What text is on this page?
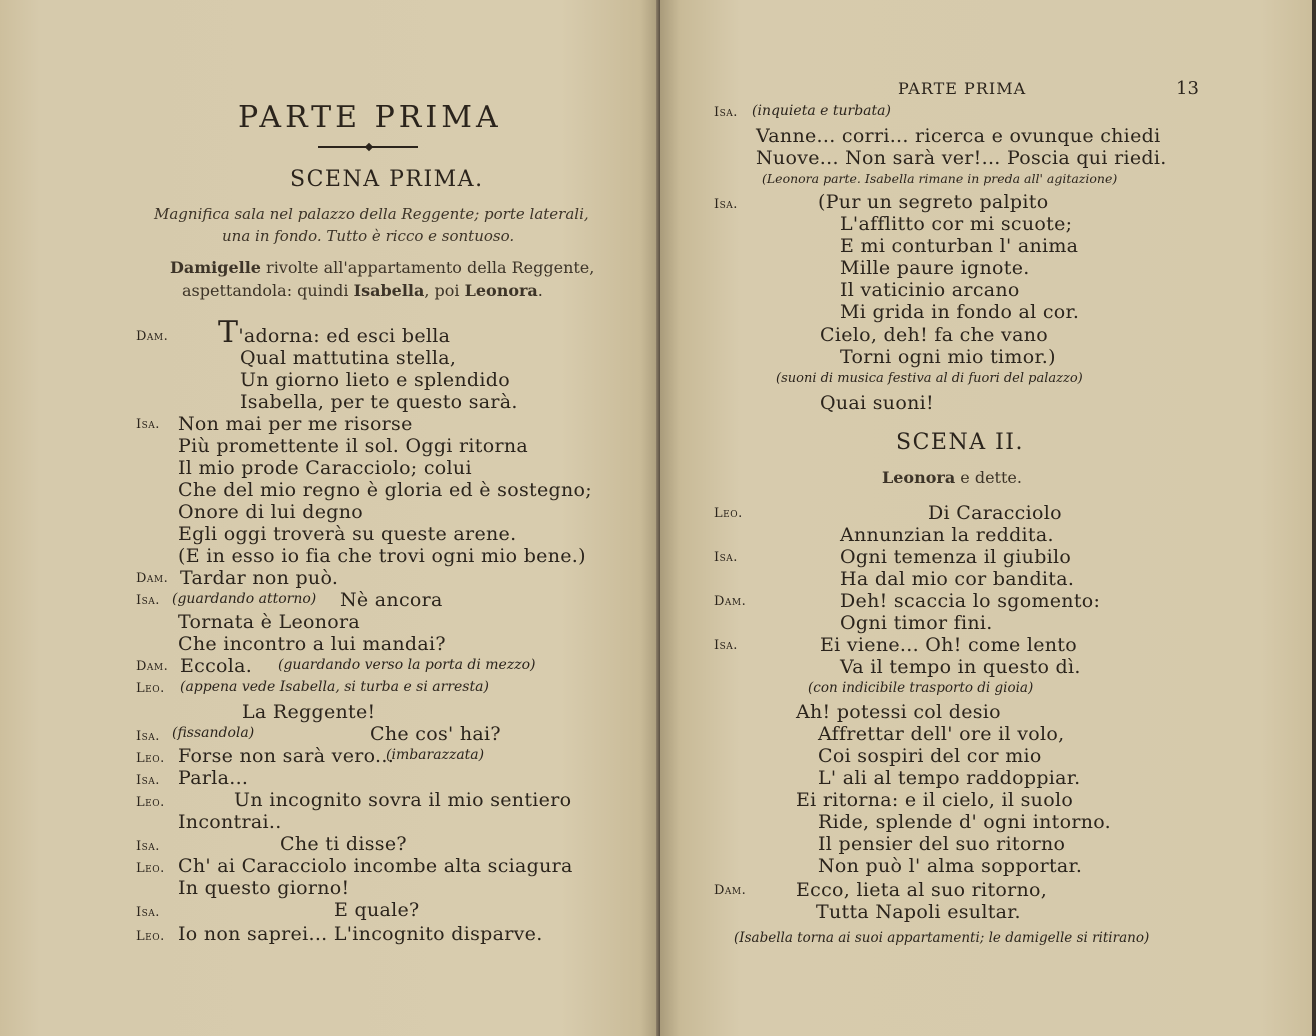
PARTE PRIMA
SCENA PRIMA.
Magnifica sala nel palazzo della Reggente; porte laterali,
una in fondo. Tutto è ricco e sontuoso.
Damigelle rivolte all'appartamento della Reggente,
aspettandola: quindi Isabella, poi Leonora.
Dam. T'adorna: ed esci bella
Qual mattutina stella,
Un giorno lieto e splendido
Isabella, per te questo sarà.
Isa. Non mai per me risorse
Più promettente il sol. Oggi ritorna
Il mio prode Caracciolo; colui
Che del mio regno è gloria ed è sostegno;
Onore di lui degno
Egli oggi troverà su queste arene.
(E in esso io fia che trovi ogni mio bene.)
Dam. Tardar non può.
Isa. (guardando attorno) Nè ancora
Tornata è Leonora
Che incontro a lui mandai?
Dam. Eccola. (guardando verso la porta di mezzo)
Leo. (appena vede Isabella, si turba e si arresta)
La Reggente!
Isa. (fissandola)	Che cos' hai?
Leo. Forse non sarà vero...
(imbarazzata)
Isa. Parla...
Leo.	Un incognito sovra il mio sentiero
Incontrai..
Isa.	Che ti disse?
Leo. Ch' ai Caracciolo incombe alta sciagura
In questo giorno!
Isa.	E quale?
Leo. Io non saprei... L'incognito disparve.
PARTE PRIMA	13
Isa. (inquieta e turbata)
Vanne... corri... ricerca e ovunque chiedi
Nuove... Non sarà ver!... Poscia qui riedi.
(Leonora parte. Isabella rimane in preda all' agitazione)
Isa.	(Pur un segreto palpito
L'afflitto cor mi scuote;
E mi conturban l' anima
Mille paure ignote.
Il vaticinio arcano
Mi grida in fondo al cor.
Cielo, deh! fa che vano
Torni ogni mio timor.)
(suoni di musica festiva al di fuori del palazzo)
Quai suoni!
SCENA II.
Leonora e dette.
Leo.	Di Caracciolo
Annunzian la reddita.
Isa.	Ogni temenza il giubilo
Ha dal mio cor bandita.
Dam.	Deh! scaccia lo sgomento:
Ogni timor fini.
Isa.	Ei viene... Oh! come lento
Va il tempo in questo dì.
(con indicibile trasporto di gioia)
Ah! potessi col desio
Affrettar dell' ore il volo,
Coi sospiri del cor mio
L' ali al tempo raddoppiar.
Ei ritorna: e il cielo, il suolo
Ride, splende d' ogni intorno.
Il pensier del suo ritorno
Non può l' alma sopportar.
Dam.	Ecco, lieta al suo ritorno,
Tutta Napoli esultar.
(Isabella torna ai suoi appartamenti; le damigelle si ritirano)
